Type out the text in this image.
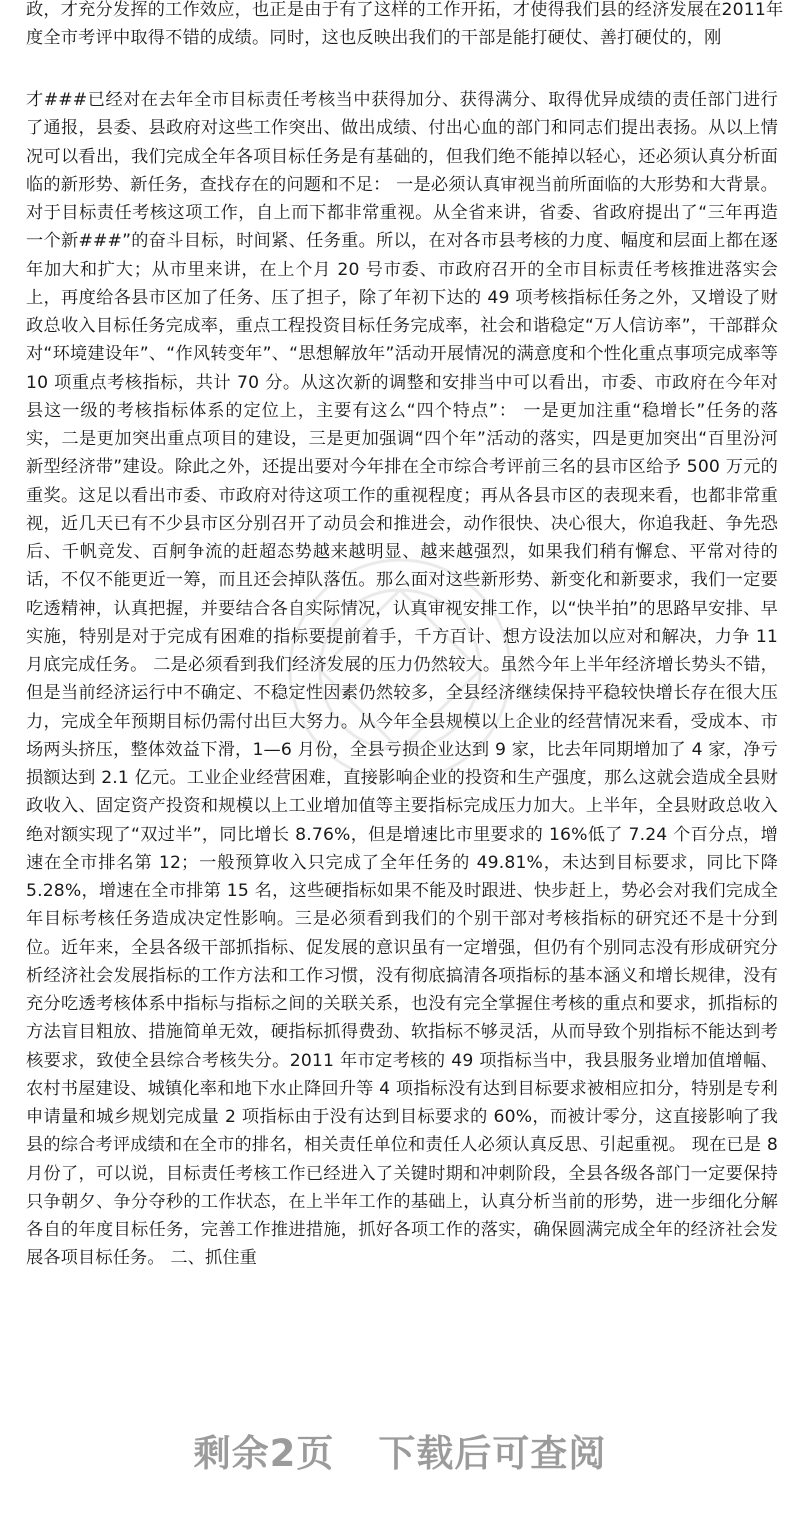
政，才充分发挥的工作效应，也正是由于有了这样的工作开拓，才使得我们县的经济发展在2011年
度全市考评中取得不错的成绩。同时，这也反映出我们的干部是能打硬仗、善打硬仗的，刚

才###已经对在去年全市目标责任考核当中获得加分、获得满分、取得优异成绩的责任部门进行了通报，县委、县政府对这些工作突出、做出成绩、付出心血的部门和同志们提出表扬。从以上情况可以看出，我们完成全年各项目标任务是有基础的，但我们绝不能掉以轻心，还必须认真分析面临的新形势、新任务，查找存在的问题和不足： 一是必须认真审视当前所面临的大形势和大背景。对于目标责任考核这项工作，自上而下都非常重视。从全省来讲，省委、省政府提出了“三年再造一个新###”的奋斗目标，时间紧、任务重。所以，在对各市县考核的力度、幅度和层面上都在逐年加大和扩大；从市里来讲，在上个月 20 号市委、市政府召开的全市目标责任考核推进落实会上，再度给各县市区加了任务、压了担子，除了年初下达的 49 项考核指标任务之外，又增设了财政总收入目标任务完成率，重点工程投资目标任务完成率，社会和谐稳定“万人信访率”，干部群众对“环境建设年”、“作风转变年”、“思想解放年”活动开展情况的满意度和个性化重点事项完成率等 10 项重点考核指标，共计 70 分。从这次新的调整和安排当中可以看出，市委、市政府在今年对县这一级的考核指标体系的定位上，主要有这么“四个特点”： 一是更加注重“稳增长”任务的落实，二是更加突出重点项目的建设，三是更加强调“四个年”活动的落实，四是更加突出“百里汾河新型经济带”建设。除此之外，还提出要对今年排在全市综合考评前三名的县市区给予 500 万元的重奖。这足以看出市委、市政府对待这项工作的重视程度；再从各县市区的表现来看，也都非常重视，近几天已有不少县市区分别召开了动员会和推进会，动作很快、决心很大，你追我赶、争先恐后、千帆竞发、百舸争流的赶超态势越来越明显、越来越强烈，如果我们稍有懈怠、平常对待的话，不仅不能更近一筹，而且还会掉队落伍。那么面对这些新形势、新变化和新要求，我们一定要吃透精神，认真把握，并要结合各自实际情况，认真审视安排工作，以“快半拍”的思路早安排、早实施，特别是对于完成有困难的指标要提前着手，千方百计、想方设法加以应对和解决，力争 11 月底完成任务。 二是必须看到我们经济发展的压力仍然较大。虽然今年上半年经济增长势头不错，但是当前经济运行中不确定、不稳定性因素仍然较多，全县经济继续保持平稳较快增长存在很大压力，完成全年预期目标仍需付出巨大努力。从今年全县规模以上企业的经营情况来看，受成本、市场两头挤压，整体效益下滑，1—6 月份，全县亏损企业达到 9 家，比去年同期增加了 4 家，净亏损额达到 2.1 亿元。工业企业经营困难，直接影响企业的投资和生产强度，那么这就会造成全县财政收入、固定资产投资和规模以上工业增加值等主要指标完成压力加大。上半年，全县财政总收入绝对额实现了“双过半”，同比增长 8.76%，但是增速比市里要求的 16%低了 7.24 个百分点，增速在全市排名第 12；一般预算收入只完成了全年任务的 49.81%，未达到目标要求，同比下降 5.28%，增速在全市排第 15 名，这些硬指标如果不能及时跟进、快步赶上，势必会对我们完成全年目标考核任务造成决定性影响。三是必须看到我们的个别干部对考核指标的研究还不是十分到位。近年来，全县各级干部抓指标、促发展的意识虽有一定增强，但仍有个别同志没有形成研究分析经济社会发展指标的工作方法和工作习惯，没有彻底搞清各项指标的基本涵义和增长规律，没有充分吃透考核体系中指标与指标之间的关联关系，也没有完全掌握住考核的重点和要求，抓指标的方法盲目粗放、措施简单无效，硬指标抓得费劲、软指标不够灵活，从而导致个别指标不能达到考核要求，致使全县综合考核失分。2011 年市定考核的 49 项指标当中，我县服务业增加值增幅、农村书屋建设、城镇化率和地下水止降回升等 4 项指标没有达到目标要求被相应扣分，特别是专利申请量和城乡规划完成量 2 项指标由于没有达到目标要求的 60%，而被计零分，这直接影响了我县的综合考评成绩和在全市的排名，相关责任单位和责任人必须认真反思、引起重视。 现在已是 8 月份了，可以说，目标责任考核工作已经进入了关键时期和冲刺阶段，全县各级各部门一定要保持只争朝夕、争分夺秒的工作状态，在上半年工作的基础上，认真分析当前的形势，进一步细化分解各自的年度目标任务，完善工作推进措施，抓好各项工作的落实，确保圆满完成全年的经济社会发展各项目标任务。 二、抓住重

剩余2页 下载后可查阅
